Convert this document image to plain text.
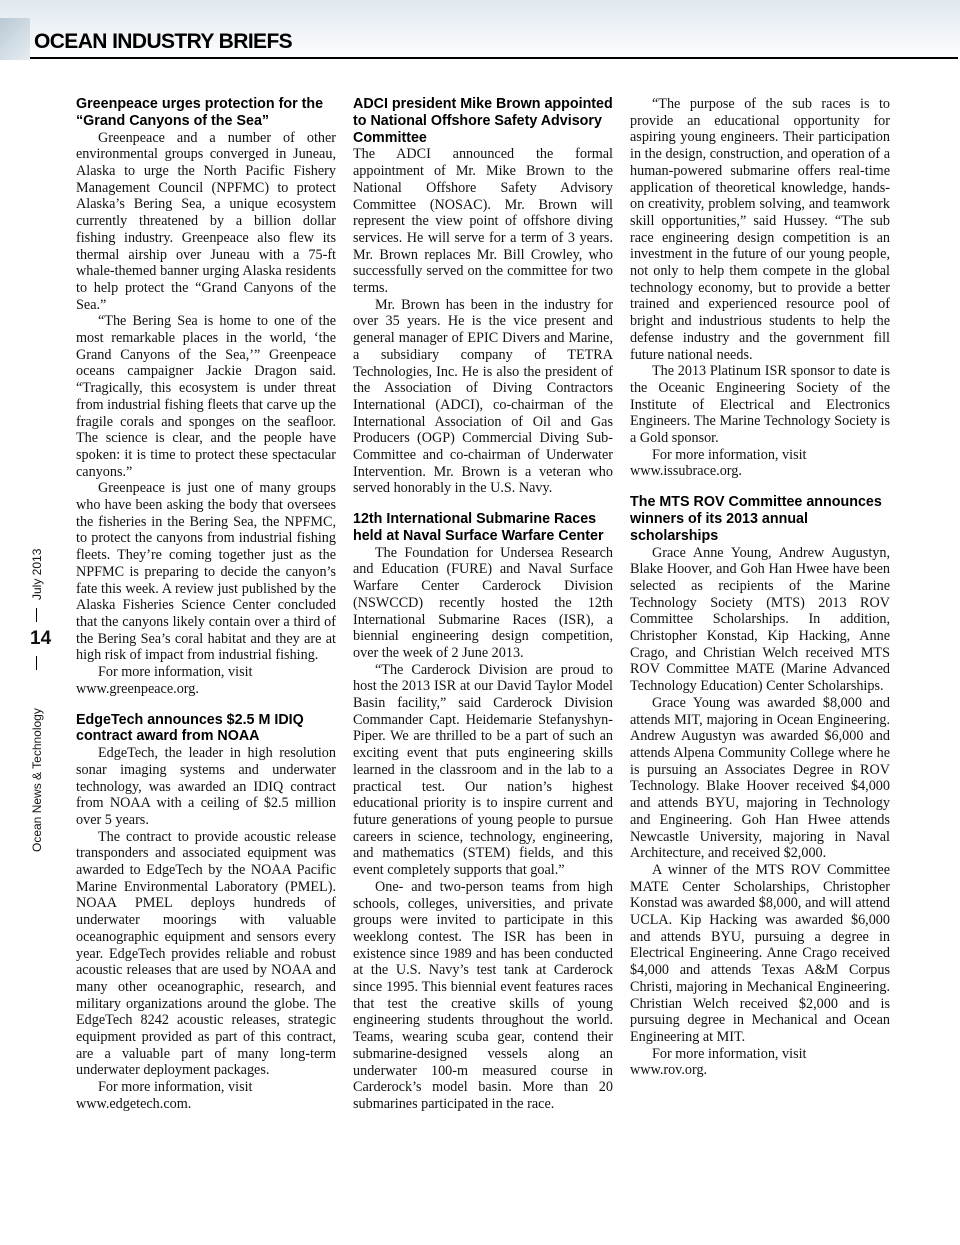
OCEAN INDUSTRY BRIEFS
July 2013
14
Ocean News & Technology
Greenpeace urges protection for the “Grand Canyons of the Sea”

Greenpeace and a number of other environmental groups converged in Juneau, Alaska to urge the North Pacific Fishery Management Council (NPFMC) to protect Alaska’s Bering Sea, a unique ecosystem currently threatened by a billion dollar fishing industry. Greenpeace also flew its thermal airship over Juneau with a 75-ft whale-themed banner urging Alaska residents to help protect the “Grand Canyons of the Sea.”

“The Bering Sea is home to one of the most remarkable places in the world, ‘the Grand Canyons of the Sea,’” Greenpeace oceans campaigner Jackie Dragon said. “Tragically, this ecosystem is under threat from industrial fishing fleets that carve up the fragile corals and sponges on the seafloor. The science is clear, and the people have spoken: it is time to protect these spectacular canyons.”

Greenpeace is just one of many groups who have been asking the body that oversees the fisheries in the Bering Sea, the NPFMC, to protect the canyons from industrial fishing fleets. They’re coming together just as the NPFMC is preparing to decide the canyon’s fate this week. A review just published by the Alaska Fisheries Science Center concluded that the canyons likely contain over a third of the Bering Sea’s coral habitat and they are at high risk of impact from industrial fishing.

For more information, visit

www.greenpeace.org.

EdgeTech announces $2.5 M IDIQ contract award from NOAA

EdgeTech, the leader in high resolution sonar imaging systems and underwater technology, was awarded an IDIQ contract from NOAA with a ceiling of $2.5 million over 5 years.

The contract to provide acoustic release transponders and associated equipment was awarded to EdgeTech by the NOAA Pacific Marine Environmental Laboratory (PMEL). NOAA PMEL deploys hundreds of underwater moorings with valuable oceanographic equipment and sensors every year. EdgeTech provides reliable and robust acoustic releases that are used by NOAA and many other oceanographic, research, and military organizations around the globe. The EdgeTech 8242 acoustic releases, strategic equipment provided as part of this contract, are a valuable part of many long-term underwater deployment packages.

For more information, visit

www.edgetech.com.

ADCI president Mike Brown appointed to National Offshore Safety Advisory Committee

The ADCI announced the formal appointment of Mr. Mike Brown to the National Offshore Safety Advisory Committee (NOSAC). Mr. Brown will represent the view point of offshore diving services. He will serve for a term of 3 years. Mr. Brown replaces Mr. Bill Crowley, who successfully served on the committee for two terms.

Mr. Brown has been in the industry for over 35 years. He is the vice present and general manager of EPIC Divers and Marine, a subsidiary company of TETRA Technologies, Inc. He is also the president of the Association of Diving Contractors International (ADCI), co-chairman of the International Association of Oil and Gas Producers (OGP) Commercial Diving Sub-Committee and co-chairman of Underwater Intervention. Mr. Brown is a veteran who served honorably in the U.S. Navy.

12th International Submarine Races held at Naval Surface Warfare Center

The Foundation for Undersea Research and Education (FURE) and Naval Surface Warfare Center Carderock Division (NSWCCD) recently hosted the 12th International Submarine Races (ISR), a biennial engineering design competition, over the week of 2 June 2013.

“The Carderock Division are proud to host the 2013 ISR at our David Taylor Model Basin facility,” said Carderock Division Commander Capt. Heidemarie Stefanyshyn-Piper. We are thrilled to be a part of such an exciting event that puts engineering skills learned in the classroom and in the lab to a practical test. Our nation’s highest educational priority is to inspire current and future generations of young people to pursue careers in science, technology, engineering, and mathematics (STEM) fields, and this event completely supports that goal.”

One- and two-person teams from high schools, colleges, universities, and private groups were invited to participate in this weeklong contest. The ISR has been in existence since 1989 and has been conducted at the U.S. Navy’s test tank at Carderock since 1995. This biennial event features races that test the creative skills of young engineering students throughout the world. Teams, wearing scuba gear, contend their submarine-designed vessels along an underwater 100-m measured course in Carderock’s model basin. More than 20 submarines participated in the race.

“The purpose of the sub races is to provide an educational opportunity for aspiring young engineers. Their participation in the design, construction, and operation of a human-powered submarine offers real-time application of theoretical knowledge, hands-on creativity, problem solving, and teamwork skill opportunities,” said Hussey. “The sub race engineering design competition is an investment in the future of our young people, not only to help them compete in the global technology economy, but to provide a better trained and experienced resource pool of bright and industrious students to help the defense industry and the government fill future national needs.

The 2013 Platinum ISR sponsor to date is the Oceanic Engineering Society of the Institute of Electrical and Electronics Engineers. The Marine Technology Society is a Gold sponsor.

For more information, visit

www.issubrace.org.

The MTS ROV Committee announces winners of its 2013 annual scholarships

Grace Anne Young, Andrew Augustyn, Blake Hoover, and Goh Han Hwee have been selected as recipients of the Marine Technology Society (MTS) 2013 ROV Committee Scholarships. In addition, Christopher Konstad, Kip Hacking, Anne Crago, and Christian Welch received MTS ROV Committee MATE (Marine Advanced Technology Education) Center Scholarships.

Grace Young was awarded $8,000 and attends MIT, majoring in Ocean Engineering. Andrew Augustyn was awarded $6,000 and attends Alpena Community College where he is pursuing an Associates Degree in ROV Technology. Blake Hoover received $4,000 and attends BYU, majoring in Technology and Engineering. Goh Han Hwee attends Newcastle University, majoring in Naval Architecture, and received $2,000.

A winner of the MTS ROV Committee MATE Center Scholarships, Christopher Konstad was awarded $8,000, and will attend UCLA. Kip Hacking was awarded $6,000 and attends BYU, pursuing a degree in Electrical Engineering. Anne Crago received $4,000 and attends Texas A&M Corpus Christi, majoring in Mechanical Engineering. Christian Welch received $2,000 and is pursuing degree in Mechanical and Ocean Engineering at MIT.

For more information, visit

www.rov.org.
